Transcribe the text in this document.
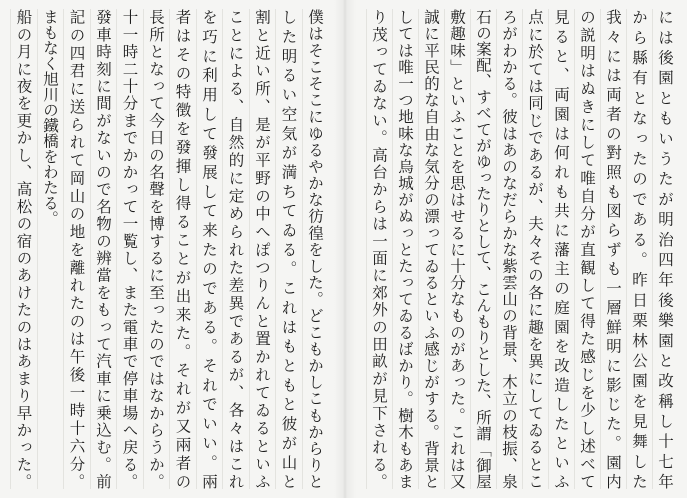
には後園ともいうたが明治四年後樂園と改稱し十七年
から縣有となったのである。昨日栗林公園を見舞した
我々には両者の對照も図らずも一層鮮明に影じた。園内
の説明はぬきにして唯自分が直観して得た感じを少し述べて
見ると、両園は何れも共に藩主の庭園を改造したといふ
点に於ては同じであるが、夫々その各に趣を異にしてゐるとこ
ろがわかる。彼はあのなだらかな紫雲山の背景、木立の枝振、泉
石の案配、すべてがゆったりとして、こんもりとした、所謂「御屋
敷趣味」といふことを思はせるに十分なものがあった。これは又
誠に平民的な自由な気分の漂ってゐるといふ感じがする。背景と
しては唯一つ地味な烏城がぬっとたってゐるばかり。樹木もあま
り茂ってゐない。高台からは一面に郊外の田畝が見下される。
僕はそこそこにゆるやかな彷徨をした。どこもかしこもからりと
した明るい空気が満ちてゐる。これはもともと彼が山と
割と近い所、是が平野の中へぽつりんと置かれてゐるといふ
ことによる、自然的に定められた差異であるが、各々はこれ
を巧に利用して發展して来たのである。それでいい。兩
者はその特徴を發揮し得ることが出来た。それが又兩者の
長所となって今日の名聲を博するに至ったのではなからうか。
十一時二十分までかかって一覧し、また電車で停車場へ戻る。
發車時刻に間がないので名物の辨當をもって汽車に乗込む。前
記の四君に送られて岡山の地を離れたのは午後一時十六分。
まもなく旭川の鐵橋をわたる。
船の月に夜を更かし、高松の宿のあけたのはあまり早かった。
